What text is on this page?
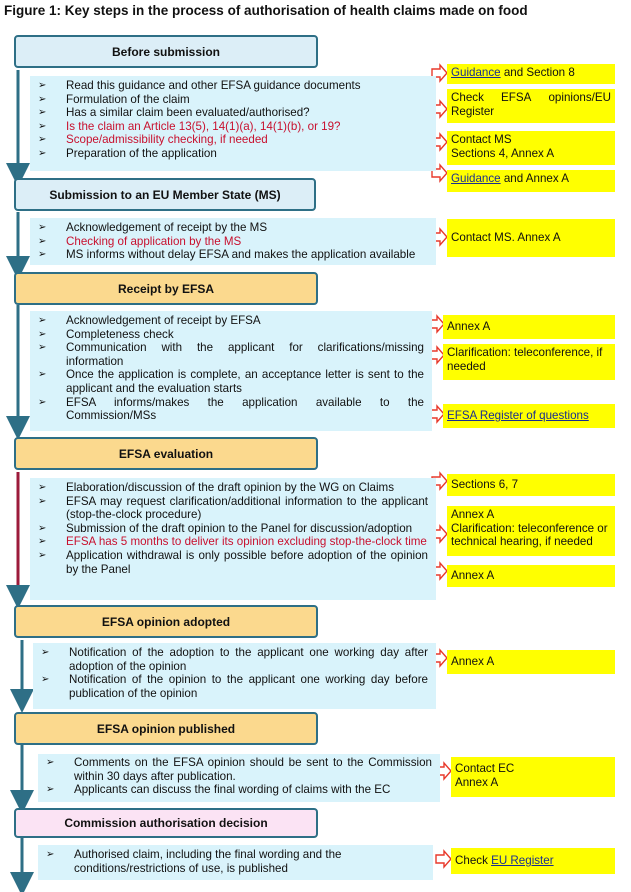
Figure 1: Key steps in the process of authorisation of health claims made on food
Before submission
➢ Read this guidance and other EFSA guidance documents
➢ Formulation of the claim
➢ Has a similar claim been evaluated/authorised?
➢ Is the claim an Article 13(5), 14(1)(a), 14(1)(b), or 19?
➢ Scope/admissibility checking, if needed
➢ Preparation of the application
Guidance and Section 8
Check EFSA opinions/EU
Register
Contact MS
Sections 4, Annex A
Guidance and Annex A
Submission to an EU Member State (MS)
➢ Acknowledgement of receipt by the MS
➢ Checking of application by the MS
➢ MS informs without delay EFSA and makes the application available
Contact MS. Annex A
Receipt by EFSA
➢ Acknowledgement of receipt by EFSA
➢ Completeness check
➢ Communication with the applicant for clarifications/missing information
➢ Once the application is complete, an acceptance letter is sent to the applicant and the evaluation starts
➢ EFSA informs/makes the application available to the Commission/MSs
Annex A
Clarification: teleconference, if needed
EFSA Register of questions
EFSA evaluation
➢ Elaboration/discussion of the draft opinion by the WG on Claims
➢ EFSA may request clarification/additional information to the applicant (stop-the-clock procedure)
➢ Submission of the draft opinion to the Panel for discussion/adoption
➢ EFSA has 5 months to deliver its opinion excluding stop-the-clock time
➢ Application withdrawal is only possible before adoption of the opinion by the Panel
Sections 6, 7
Annex A
Clarification: teleconference or technical hearing, if needed
Annex A
EFSA opinion adopted
➢ Notification of the adoption to the applicant one working day after adoption of the opinion
➢ Notification of the opinion to the applicant one working day before publication of the opinion
Annex A
EFSA opinion published
➢ Comments on the EFSA opinion should be sent to the Commission within 30 days after publication.
➢ Applicants can discuss the final wording of claims with the EC
Contact EC
Annex A
Commission authorisation decision
➢ Authorised claim, including the final wording and the conditions/restrictions of use, is published
Check EU Register
